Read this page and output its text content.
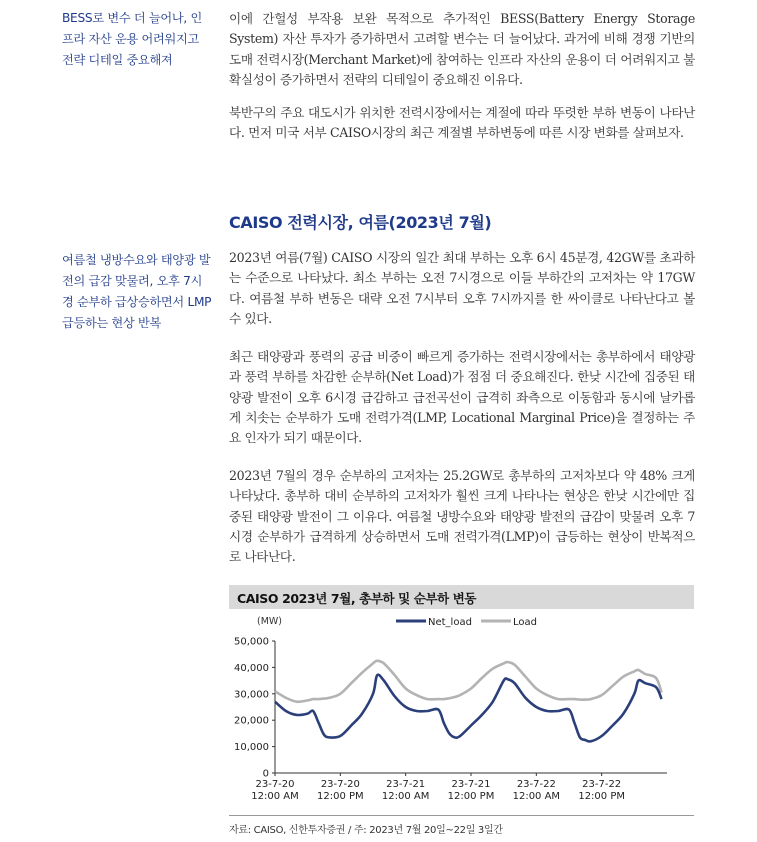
BESS로 변수 더 늘어나, 인프라 자산 운용 어려워지고 전략 디테일 중요해져
여름철 냉방수요와 태양광 발전의 급감 맞물려, 오후 7시경 순부하 급상승하면서 LMP 급등하는 현상 반복

이에 간헐성 부작용 보완 목적으로 추가적인 BESS(Battery Energy Storage System) 자산 투자가 증가하면서 고려할 변수는 더 늘어났다. 과거에 비해 경쟁 기반의 도매 전력시장(Merchant Market)에 참여하는 인프라 자산의 운용이 더 어려워지고 불확실성이 증가하면서 전략의 디테일이 중요해진 이유다.

북반구의 주요 대도시가 위치한 전력시장에서는 계절에 따라 뚜렷한 부하 변동이 나타난다. 먼저 미국 서부 CAISO시장의 최근 계절별 부하변동에 따른 시장 변화를 살펴보자.

CAISO 전력시장, 여름(2023년 7월)

2023년 여름(7월) CAISO 시장의 일간 최대 부하는 오후 6시 45분경, 42GW를 초과하는 수준으로 나타났다. 최소 부하는 오전 7시경으로 이들 부하간의 고저차는 약 17GW다. 여름철 부하 변동은 대략 오전 7시부터 오후 7시까지를 한 싸이클로 나타난다고 볼 수 있다.

최근 태양광과 풍력의 공급 비중이 빠르게 증가하는 전력시장에서는 총부하에서 태양광과 풍력 부하를 차감한 순부하(Net Load)가 점점 더 중요해진다. 한낮 시간에 집중된 태양광 발전이 오후 6시경 급감하고 급전곡선이 급격히 좌측으로 이동함과 동시에 날카롭게 치솟는 순부하가 도매 전력가격(LMP, Locational Marginal Price)을 결정하는 주요 인자가 되기 때문이다.

2023년 7월의 경우 순부하의 고저차는 25.2GW로 총부하의 고저차보다 약 48% 크게 나타났다. 총부하 대비 순부하의 고저차가 훨씬 크게 나타나는 현상은 한낮 시간에만 집중된 태양광 발전이 그 이유다. 여름철 냉방수요와 태양광 발전의 급감이 맞물려 오후 7시경 순부하가 급격하게 상승하면서 도매 전력가격(LMP)이 급등하는 현상이 반복적으로 나타난다.

CAISO 2023년 7월, 총부하 및 순부하 변동
(MW)
50,000
40,000
30,000
20,000
10,000
0
23-7-20
12:00 AM
23-7-20
12:00 PM
23-7-21
12:00 AM
23-7-21
12:00 PM
23-7-22
12:00 AM
23-7-22
12:00 PM
Net_load	Load
자료: CAISO, 신한투자증권 / 주: 2023년 7월 20일~22일 3일간
